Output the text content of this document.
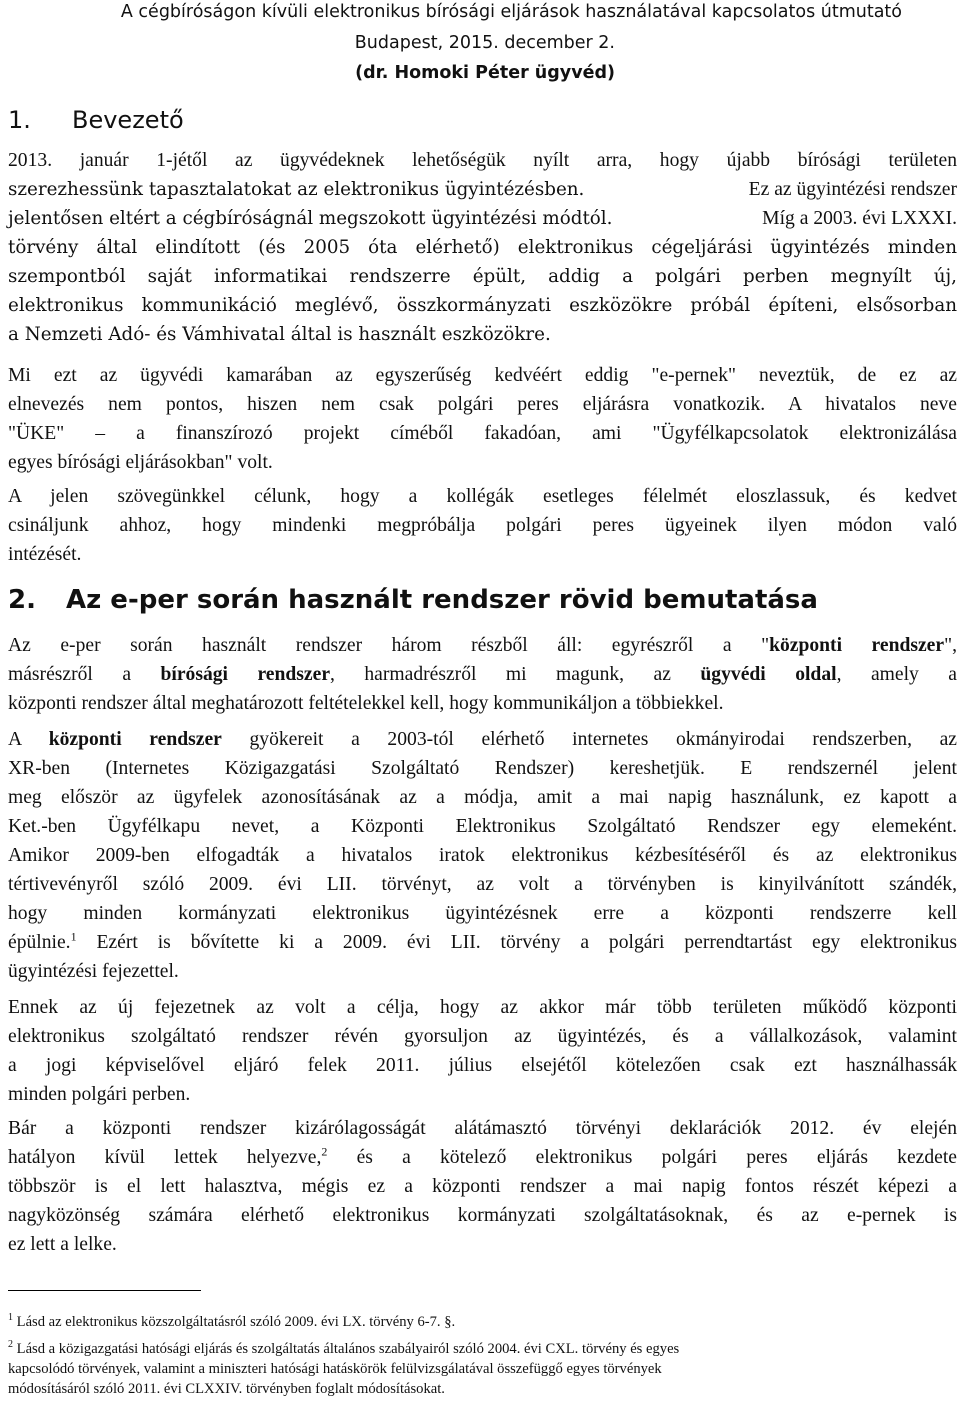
A cégbíróságon kívüli elektronikus bírósági eljárások használatával kapcsolatos útmutató
Budapest, 2015. december 2.
(dr. Homoki Péter ügyvéd)
1. Bevezető
2013. január 1-jétől az ügyvédeknek lehetőségük nyílt arra, hogy újabb bírósági területen
szerezhessünk tapasztalatokat az elektronikus ügyintézésben.	Ez az ügyintézési rendszer
jelentősen eltért a cégbíróságnál megszokott ügyintézési módtól.	Míg a 2003. évi LXXXI.
törvény által elindított (és 2005 óta elérhető) elektronikus cégeljárási ügyintézés minden
szempontból saját informatikai rendszerre épült, addig a polgári perben megnyílt új,
elektronikus kommunikáció meglévő, összkormányzati eszközökre próbál építeni, elsősorban
a Nemzeti Adó- és Vámhivatal által is használt eszközökre.
Mi ezt az ügyvédi kamarában az egyszerűség kedvéért eddig "e-pernek" neveztük, de ez az
elnevezés nem pontos, hiszen nem csak polgári peres eljárásra vonatkozik. A hivatalos neve
"ÜKE" – a finanszírozó projekt címéből fakadóan, ami "Ügyfélkapcsolatok elektronizálása
egyes bírósági eljárásokban" volt.
A jelen szövegünkkel célunk, hogy a kollégák esetleges félelmét eloszlassuk, és kedvet
csináljunk ahhoz, hogy mindenki megpróbálja polgári peres ügyeinek ilyen módon való
intézését.
2. Az e-per során használt rendszer rövid bemutatása
Az e-per során használt rendszer három részből áll: egyrészről a "központi rendszer",
másrészről a bírósági rendszer, harmadrészről mi magunk, az ügyvédi oldal, amely a
központi rendszer által meghatározott feltételekkel kell, hogy kommunikáljon a többiekkel.
A központi rendszer gyökereit a 2003-tól elérhető internetes okmányirodai rendszerben, az
XR-ben (Internetes Közigazgatási Szolgáltató Rendszer) kereshetjük. E rendszernél jelent
meg először az ügyfelek azonosításának az a módja, amit a mai napig használunk, ez kapott a
Ket.-ben Ügyfélkapu nevet, a Központi Elektronikus Szolgáltató Rendszer egy elemeként.
Amikor 2009-ben elfogadták a hivatalos iratok elektronikus kézbesítéséről és az elektronikus
tértivevényről szóló 2009. évi LII. törvényt, az volt a törvényben is kinyilvánított szándék,
hogy minden kormányzati elektronikus ügyintézésnek erre a központi rendszerre kell
épülnie.$^1$ Ezért is bővítette ki a 2009. évi LII. törvény a polgári perrendtartást egy elektronikus
ügyintézési fejezettel.
Ennek az új fejezetnek az volt a célja, hogy az akkor már több területen működő központi
elektronikus szolgáltató rendszer révén gyorsuljon az ügyintézés, és a vállalkozások, valamint
a jogi képviselővel eljáró felek 2011. július elsejétől kötelezően csak ezt használhassák
minden polgári perben.
Bár a központi rendszer kizárólagosságát alátámasztó törvényi deklarációk 2012. év elején
hatályon kívül lettek helyezve,$^2$ és a kötelező elektronikus polgári peres eljárás kezdete
többször is el lett halasztva, mégis ez a központi rendszer a mai napig fontos részét képezi a
nagyközönség számára elérhető elektronikus kormányzati szolgáltatásoknak, és az e-pernek is
ez lett a lelke.
$^1$ Lásd az elektronikus közszolgáltatásról szóló 2009. évi LX. törvény 6-7. §.
$^2$ Lásd a közigazgatási hatósági eljárás és szolgáltatás általános szabályairól szóló 2004. évi CXL. törvény és egyes
kapcsolódó törvények, valamint a miniszteri hatósági hatáskörök felülvizsgálatával összefüggő egyes törvények
módosításáról szóló 2011. évi CLXXIV. törvényben foglalt módosításokat.
